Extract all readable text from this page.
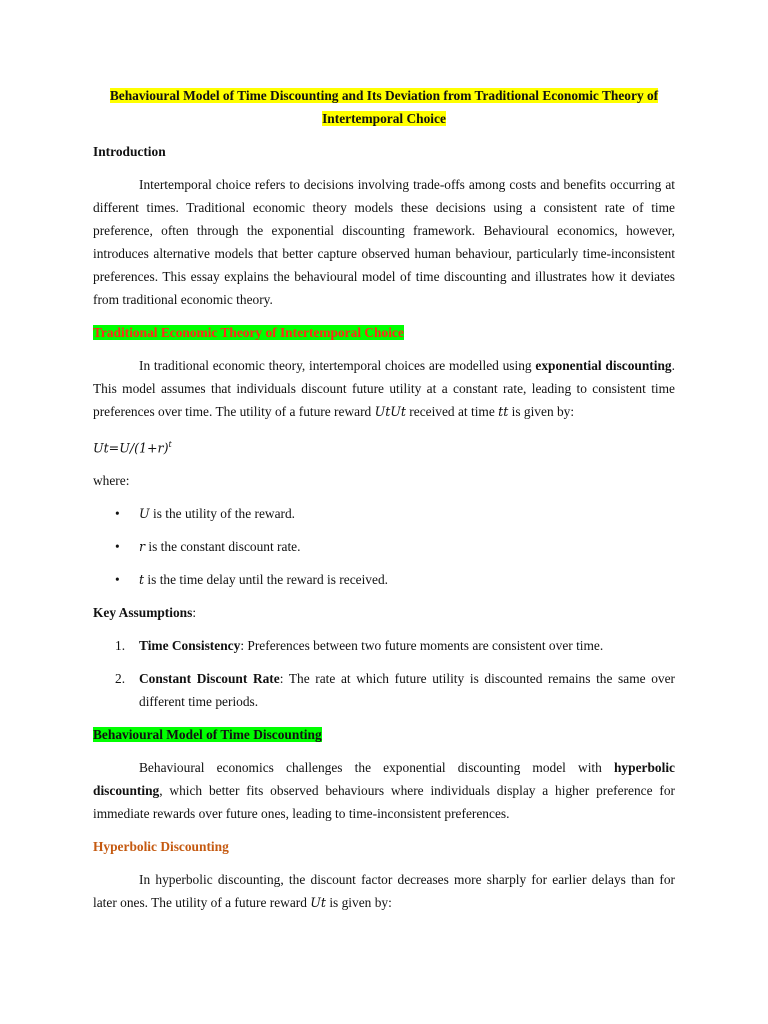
Behavioural Model of Time Discounting and Its Deviation from Traditional Economic Theory of
Intertemporal Choice

Introduction

Intertemporal choice refers to decisions involving trade-offs among costs and benefits occurring at different times. Traditional economic theory models these decisions using a consistent rate of time preference, often through the exponential discounting framework. Behavioural economics, however, introduces alternative models that better capture observed human behaviour, particularly time-inconsistent preferences. This essay explains the behavioural model of time discounting and illustrates how it deviates from traditional economic theory.

Traditional Economic Theory of Intertemporal Choice

In traditional economic theory, intertemporal choices are modelled using exponential discounting. This model assumes that individuals discount future utility at a constant rate, leading to consistent time preferences over time. The utility of a future reward UtUt received at time tt is given by:

$Ut=U/(1+r)^t$

where:

• U is the utility of the reward.
• r is the constant discount rate.
• t is the time delay until the reward is received.

Key Assumptions:

1. Time Consistency: Preferences between two future moments are consistent over time.
2. Constant Discount Rate: The rate at which future utility is discounted remains the same over different time periods.

Behavioural Model of Time Discounting

Behavioural economics challenges the exponential discounting model with hyperbolic discounting, which better fits observed behaviours where individuals display a higher preference for immediate rewards over future ones, leading to time-inconsistent preferences.

Hyperbolic Discounting

In hyperbolic discounting, the discount factor decreases more sharply for earlier delays than for later ones. The utility of a future reward Ut is given by:
